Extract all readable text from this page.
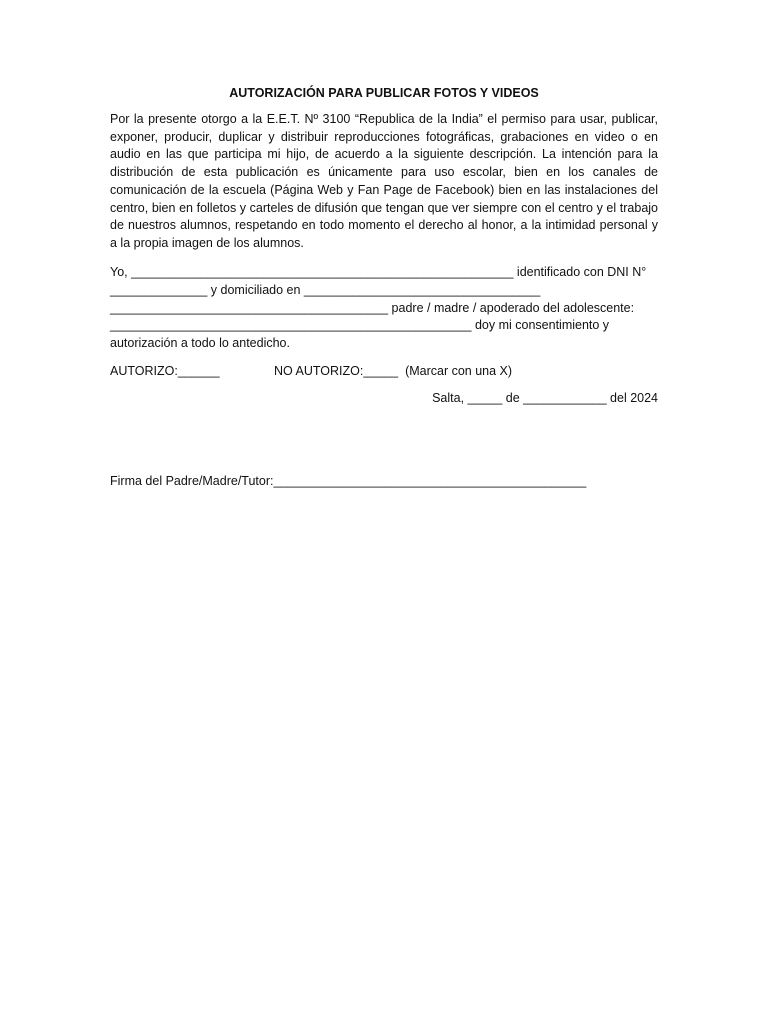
AUTORIZACIÓN PARA PUBLICAR FOTOS Y VIDEOS

Por la presente otorgo a la E.E.T. Nº 3100 “Republica de la India” el permiso para usar, publicar, exponer, producir, duplicar y distribuir reproducciones fotográficas, grabaciones en video o en audio en las que participa mi hijo, de acuerdo a la siguiente descripción. La intención para la distribución de esta publicación es únicamente para uso escolar, bien en los canales de comunicación de la escuela (Página Web y Fan Page de Facebook) bien en las instalaciones del centro, bien en folletos y carteles de difusión que tengan que ver siempre con el centro y el trabajo de nuestros alumnos, respetando en todo momento el derecho al honor, a la intimidad personal y a la propia imagen de los alumnos.

Yo, _______________________________________________________ identificado con DNI N°
______________ y domiciliado en __________________________________
________________________________________ padre / madre / apoderado del adolescente:
____________________________________________________ doy mi consentimiento y
autorización a todo lo antedicho.
AUTORIZO:______	NO AUTORIZO:_____  (Marcar con una X)
Salta, _____ de ____________ del 2024
Firma del Padre/Madre/Tutor:_____________________________________________
